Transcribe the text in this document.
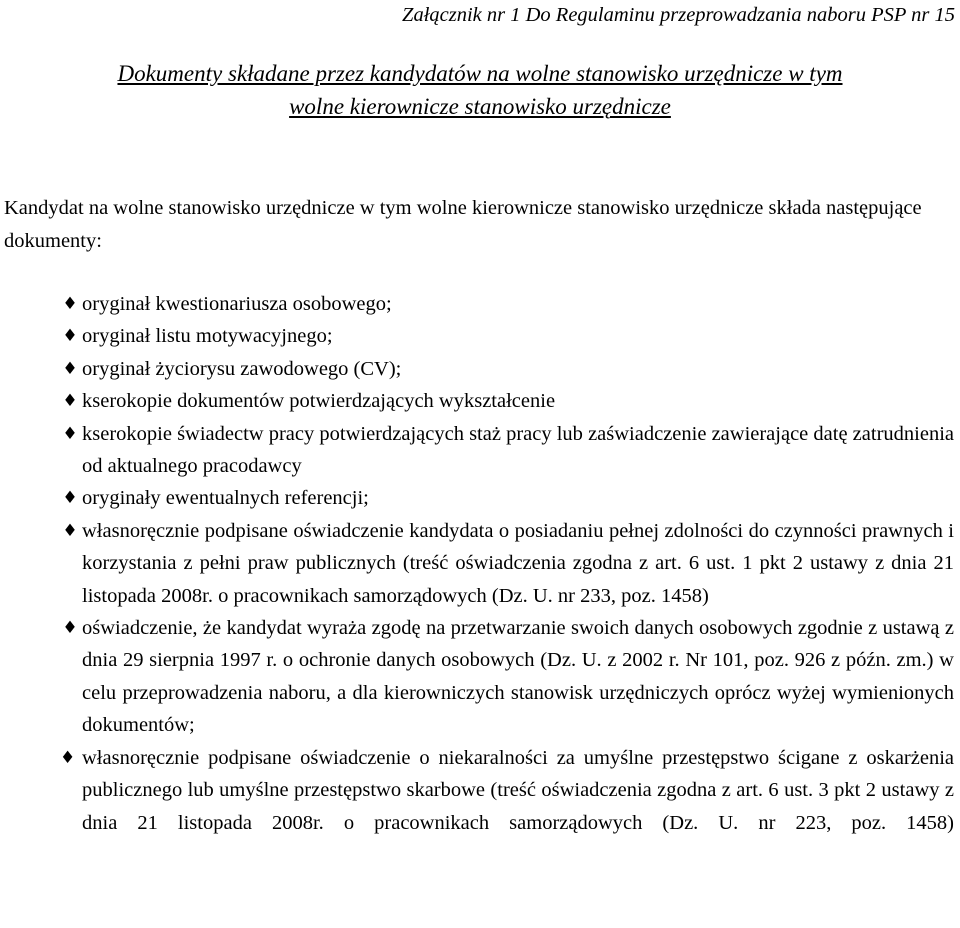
Załącznik nr 1 Do Regulaminu przeprowadzania naboru PSP nr 15
Dokumenty składane przez kandydatów na wolne stanowisko urzędnicze w tym
wolne kierownicze stanowisko urzędnicze
Kandydat na wolne stanowisko urzędnicze w tym wolne kierownicze stanowisko urzędnicze składa następujące dokumenty:
♦ oryginał kwestionariusza osobowego;
♦ oryginał listu motywacyjnego;
♦ oryginał życiorysu zawodowego (CV);
♦ kserokopie dokumentów potwierdzających wykształcenie
♦ kserokopie świadectw pracy potwierdzających staż pracy lub zaświadczenie zawierające datę zatrudnienia od aktualnego pracodawcy
♦ oryginały ewentualnych referencji;
♦ własnoręcznie podpisane oświadczenie kandydata o posiadaniu pełnej zdolności do czynności prawnych i korzystania z pełni praw publicznych (treść oświadczenia zgodna z art. 6 ust. 1 pkt 2 ustawy z dnia 21 listopada 2008r. o pracownikach samorządowych (Dz. U. nr 233, poz. 1458)
♦ oświadczenie, że kandydat wyraża zgodę na przetwarzanie swoich danych osobowych zgodnie z ustawą z dnia 29 sierpnia 1997 r. o ochronie danych osobowych (Dz. U. z 2002 r. Nr 101, poz. 926 z późn. zm.) w celu przeprowadzenia naboru, a dla kierowniczych stanowisk urzędniczych oprócz wyżej wymienionych dokumentów;
♦ własnoręcznie podpisane oświadczenie o niekaralności za umyślne przestępstwo ścigane z oskarżenia publicznego lub umyślne przestępstwo skarbowe (treść oświadczenia zgodna z art. 6 ust. 3 pkt 2 ustawy z dnia 21 listopada 2008r. o pracownikach samorządowych (Dz. U. nr 223, poz. 1458)
